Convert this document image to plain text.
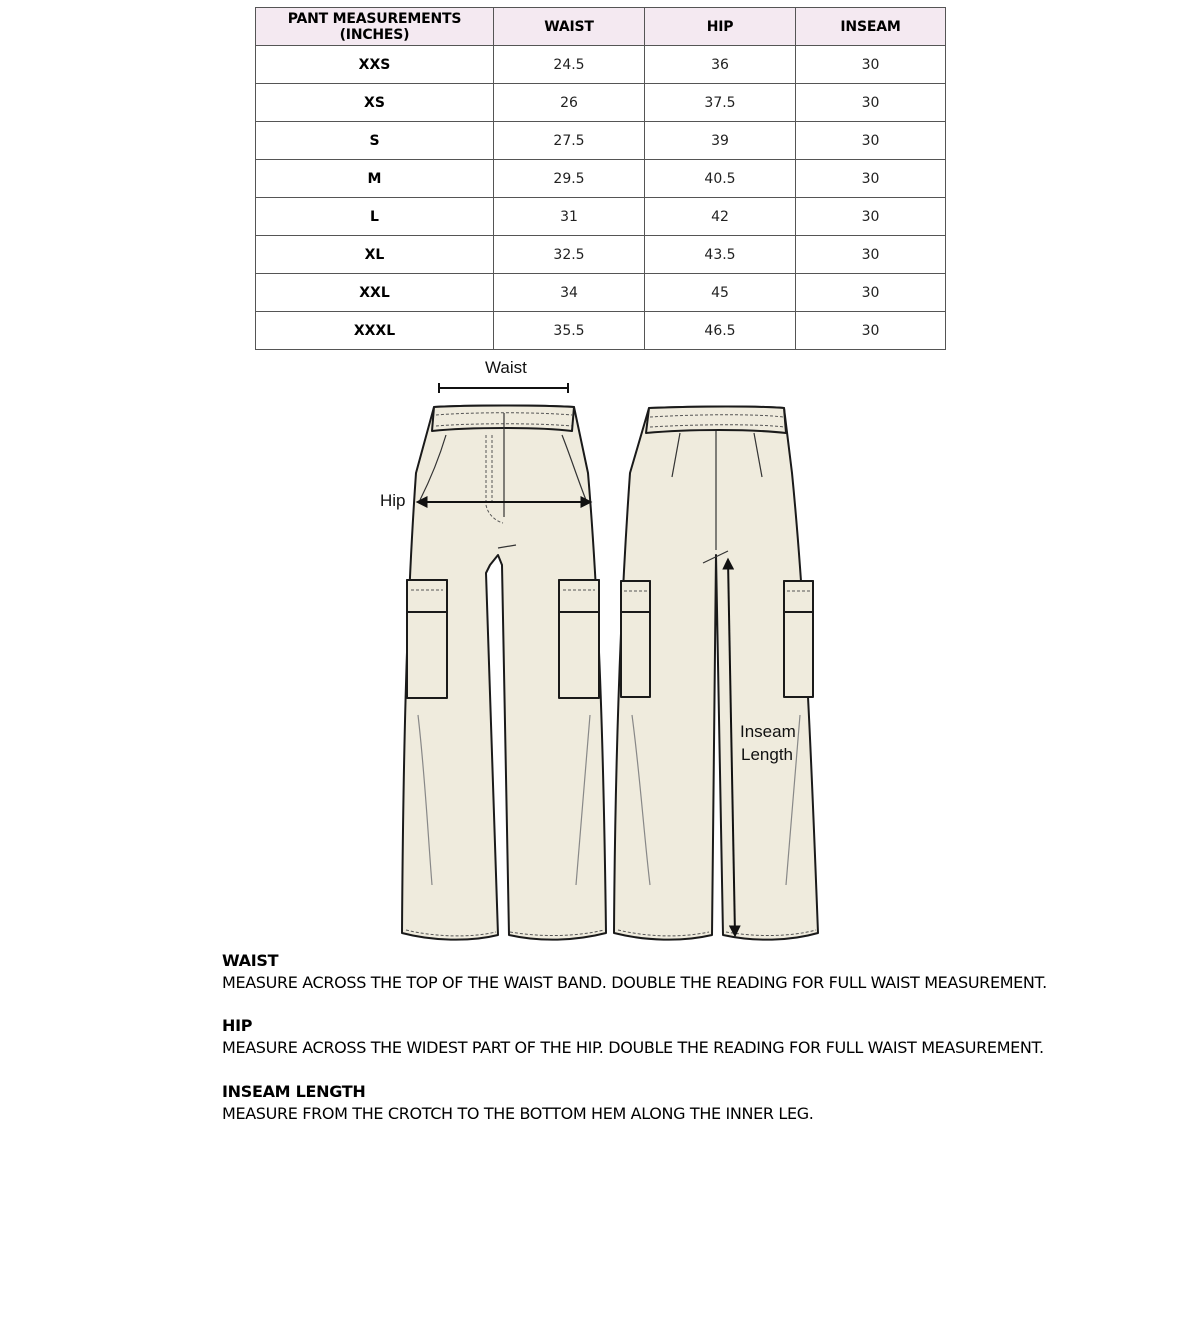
PANT MEASUREMENTS (INCHES)	WAIST	HIP	INSEAM
XXS	24.5	36	30
XS	26	37.5	30
S	27.5	39	30
M	29.5	40.5	30
L	31	42	30
XL	32.5	43.5	30
XXL	34	45	30
XXXL	35.5	46.5	30
Waist
Hip
Inseam
Length

WAIST

MEASURE ACROSS THE TOP OF THE WAIST BAND. DOUBLE THE READING FOR FULL WAIST MEASUREMENT.

HIP

MEASURE ACROSS THE WIDEST PART OF THE HIP. DOUBLE THE READING FOR FULL WAIST MEASUREMENT.

INSEAM LENGTH

MEASURE FROM THE CROTCH TO THE BOTTOM HEM ALONG THE INNER LEG.
